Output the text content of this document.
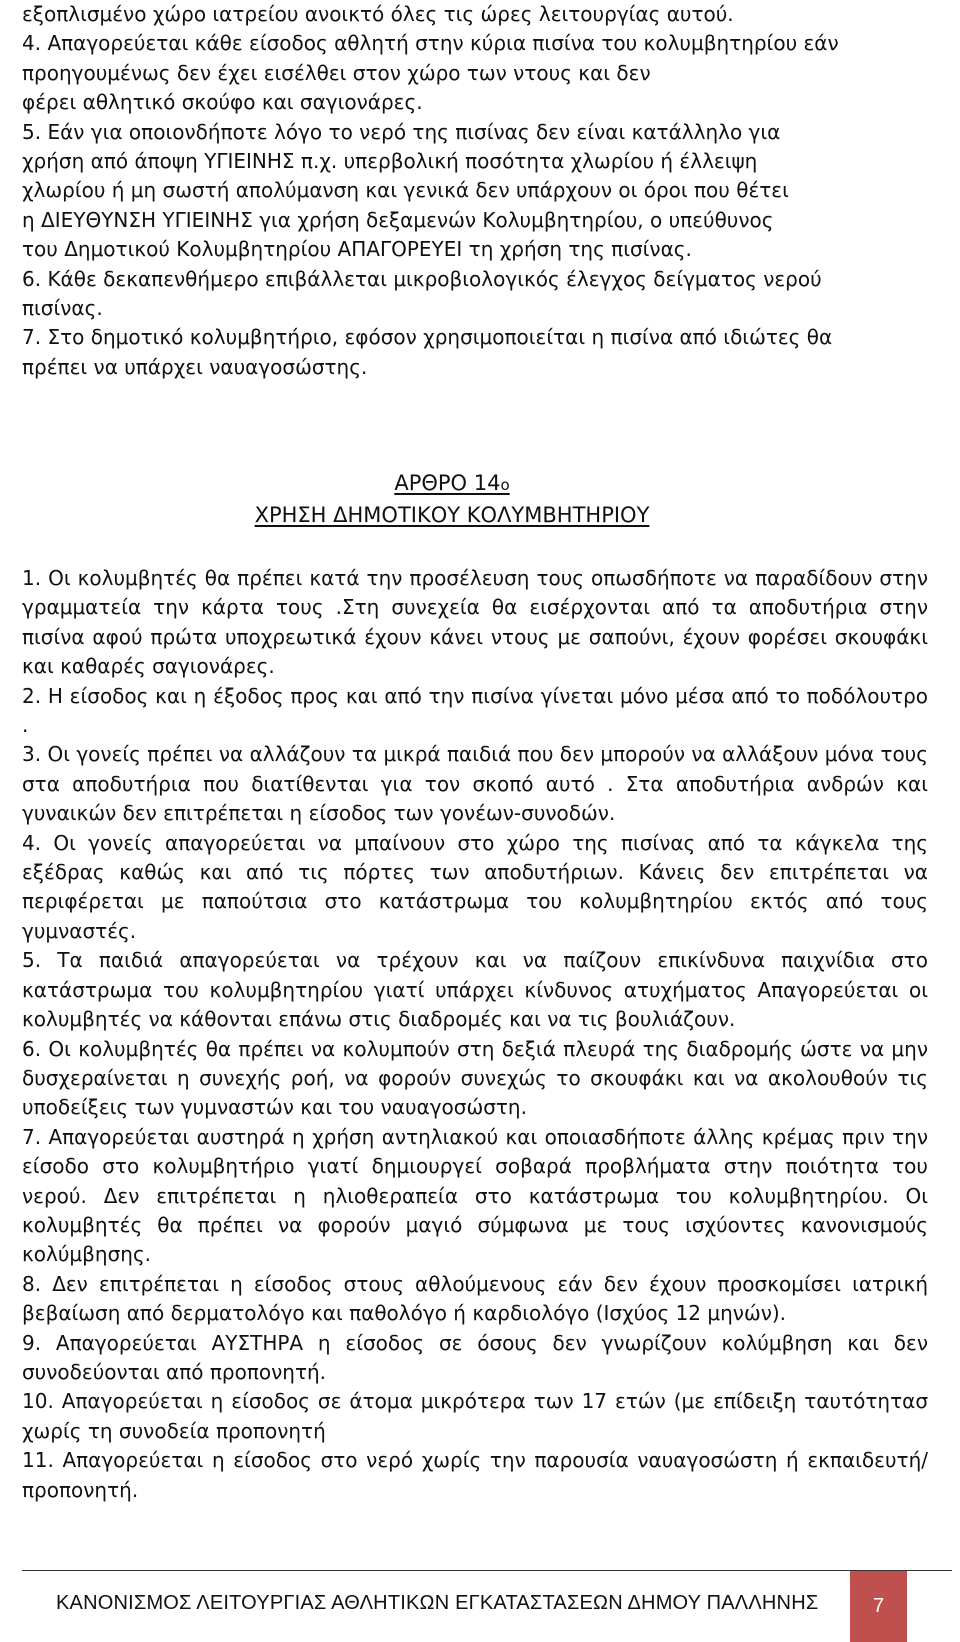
εξοπλισμένο χώρο ιατρείου ανοικτό όλες τις ώρες λειτουργίας αυτού.
4. Απαγορεύεται κάθε είσοδος αθλητή στην κύρια πισίνα του κολυμβητηρίου εάν
προηγουμένως δεν έχει εισέλθει στον χώρο των ντους και δεν
φέρει αθλητικό σκούφο και σαγιονάρες.
5. Εάν για οποιονδήποτε λόγο το νερό της πισίνας δεν είναι κατάλληλο για
χρήση από άποψη ΥΓΙΕΙΝΗΣ π.χ. υπερβολική ποσότητα χλωρίου ή έλλειψη
χλωρίου ή μη σωστή απολύμανση και γενικά δεν υπάρχουν οι όροι που θέτει
η ΔΙΕΥΘΥΝΣΗ ΥΓΙΕΙΝΗΣ για χρήση δεξαμενών Κολυμβητηρίου, ο υπεύθυνος
του Δημοτικού Κολυμβητηρίου ΑΠΑΓΟΡΕΥΕΙ τη χρήση της πισίνας.
6. Κάθε δεκαπενθήμερο επιβάλλεται μικροβιολογικός έλεγχος δείγματος νερού
πισίνας.
7. Στο δημοτικό κολυμβητήριο, εφόσον χρησιμοποιείται η πισίνα από ιδιώτες θα
πρέπει να υπάρχει ναυαγοσώστης.

ΑΡΘΡΟ 14ο
ΧΡΗΣΗ ΔΗΜΟΤΙΚΟΥ ΚΟΛΥΜΒΗΤΗΡΙΟΥ

1. Οι κολυμβητές θα πρέπει κατά την προσέλευση τους οπωσδήποτε να παραδίδουν στην γραμματεία την κάρτα τους .Στη συνεχεία θα εισέρχονται από τα αποδυτήρια στην πισίνα αφού πρώτα υποχρεωτικά έχουν κάνει ντους με σαπούνι, έχουν φορέσει σκουφάκι και καθαρές σαγιονάρες.

2. Η είσοδος και η έξοδος προς και από την πισίνα γίνεται μόνο μέσα από το ποδόλουτρο .

3. Οι γονείς πρέπει να αλλάζουν τα μικρά παιδιά που δεν μπορούν να αλλάξουν μόνα τους στα αποδυτήρια που διατίθενται για τον σκοπό αυτό . Στα αποδυτήρια ανδρών και γυναικών δεν επιτρέπεται η είσοδος των γονέων-συνοδών.

4. Οι γονείς απαγορεύεται να μπαίνουν στο χώρο της πισίνας από τα κάγκελα της εξέδρας καθώς και από τις πόρτες των αποδυτήριων. Κάνεις δεν επιτρέπεται να περιφέρεται με παπούτσια στο κατάστρωμα του κολυμβητηρίου εκτός από τους γυμναστές.

5. Τα παιδιά απαγορεύεται να τρέχουν και να παίζουν επικίνδυνα παιχνίδια στο κατάστρωμα του κολυμβητηρίου γιατί υπάρχει κίνδυνος ατυχήματος Απαγορεύεται οι κολυμβητές να κάθονται επάνω στις διαδρομές και να τις βουλιάζουν.

6. Οι κολυμβητές θα πρέπει να κολυμπούν στη δεξιά πλευρά της διαδρομής ώστε να μην δυσχεραίνεται η συνεχής ροή, να φορούν συνεχώς το σκουφάκι και να ακολουθούν τις υποδείξεις των γυμναστών και του ναυαγοσώστη.

7. Απαγορεύεται αυστηρά η χρήση αντηλιακού και οποιασδήποτε άλλης κρέμας πριν την είσοδο στο κολυμβητήριο γιατί δημιουργεί σοβαρά προβλήματα στην ποιότητα του νερού. Δεν επιτρέπεται η ηλιοθεραπεία στο κατάστρωμα του κολυμβητηρίου. Οι κολυμβητές θα πρέπει να φορούν μαγιό σύμφωνα με τους ισχύοντες κανονισμούς κολύμβησης.

8. Δεν επιτρέπεται η είσοδος στους αθλούμενους εάν δεν έχουν προσκομίσει ιατρική βεβαίωση από δερματολόγο και παθολόγο ή καρδιολόγο (Ισχύος 12 μηνών).

9. Απαγορεύεται ΑΥΣΤΗΡΑ η είσοδος σε όσους δεν γνωρίζουν κολύμβηση και δεν συνοδεύονται από προπονητή.

10. Απαγορεύεται η είσοδος σε άτομα μικρότερα των 17 ετών (με επίδειξη ταυτότητασ χωρίς τη συνοδεία προπονητή

11. Απαγορεύεται η είσοδος στο νερό χωρίς την παρουσία ναυαγοσώστη ή εκπαιδευτή/προπονητή.

ΚΑΝΟΝΙΣΜΟΣ ΛΕΙΤΟΥΡΓΙΑΣ ΑΘΛΗΤΙΚΩΝ ΕΓΚΑΤΑΣΤΑΣΕΩΝ ΔΗΜΟΥ ΠΑΛΛΗΝΗΣ	7
